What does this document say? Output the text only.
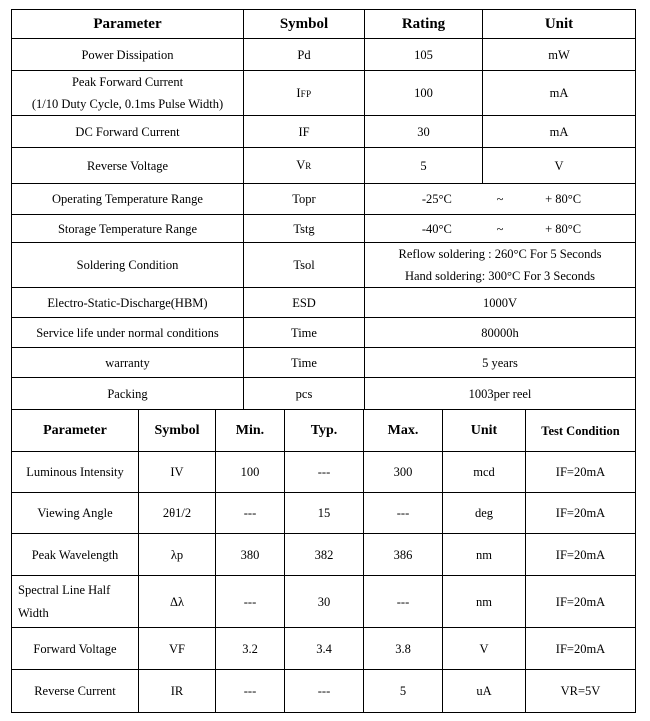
Parameter	Symbol	Rating	Unit
Power Dissipation	Pd	105	mW

Peak Forward Current
(1/10 Duty Cycle, 0.1ms Pulse Width)	IFP	100	mA
DC Forward Current	IF	30	mA
Reverse Voltage	VR	5	V
Operating Temperature Range	Topr	-25°C ~ + 80°C	
Storage Temperature Range	Tstg	-40°C ~ + 80°C	
Soldering Condition	Tsol	Reflow soldering : 260°C For 5 Seconds
Hand soldering: 300°C For 3 Seconds	

Electro-Static-Discharge(HBM)	ESD	1000V	
Service life under normal conditions	Time	80000h	
warranty	Time	5 years	
Packing	pcs	1003per reel	
Parameter	Symbol	Min.	Typ.	Max.	Unit	Test Condition
Luminous Intensity	IV	100	---	300	mcd	IF=20mA
Viewing Angle	2θ1/2	---	15	---	deg	IF=20mA
Peak Wavelength	λp	380	382	386	nm	IF=20mA

Spectral Line Half
Width	Δλ	---	30	---	nm	IF=20mA
Forward Voltage	VF	3.2	3.4	3.8	V	IF=20mA
Reverse Current	IR	---	---	5	uA	VR=5V
